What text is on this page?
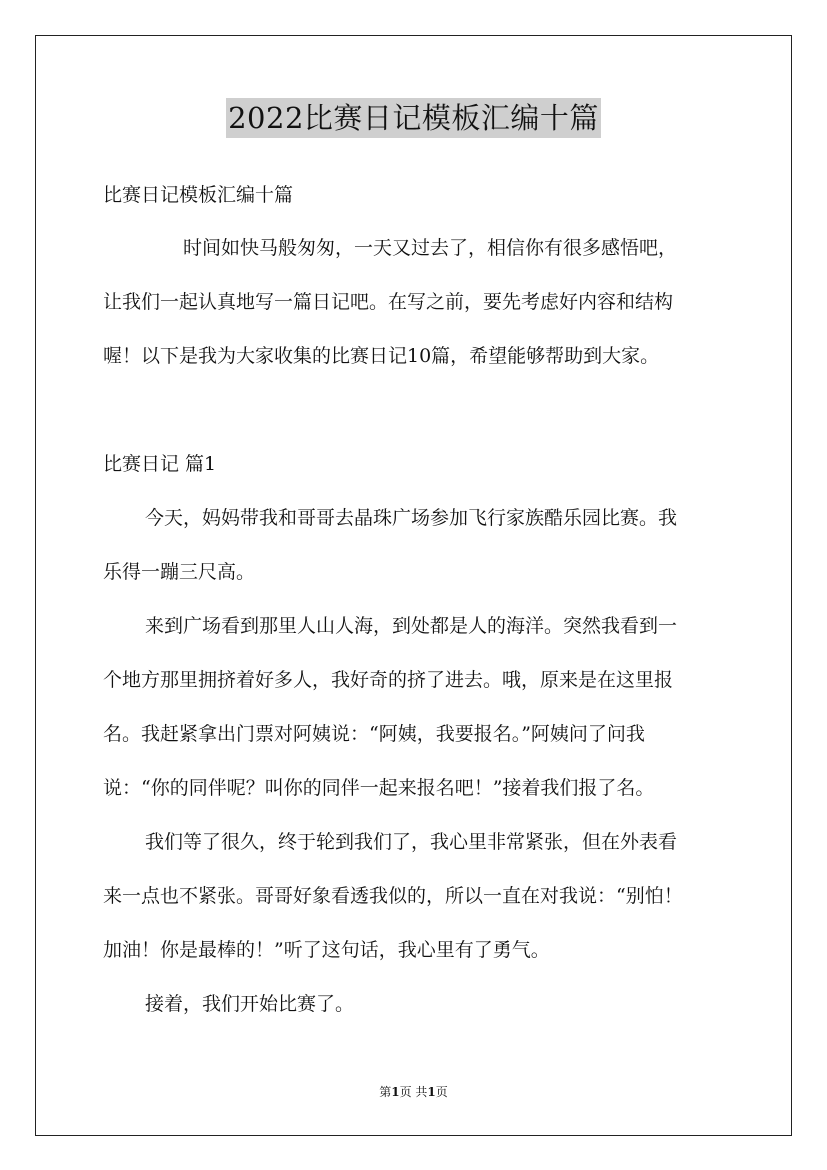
2022比赛日记模板汇编十篇
比赛日记模板汇编十篇
时间如快马般匆匆，一天又过去了，相信你有很多感悟吧，
让我们一起认真地写一篇日记吧。在写之前，要先考虑好内容和结构
喔！以下是我为大家收集的比赛日记10篇，希望能够帮助到大家。
比赛日记 篇1
今天，妈妈带我和哥哥去晶珠广场参加飞行家族酷乐园比赛。我
乐得一蹦三尺高。
来到广场看到那里人山人海，到处都是人的海洋。突然我看到一
个地方那里拥挤着好多人，我好奇的挤了进去。哦，原来是在这里报
名。我赶紧拿出门票对阿姨说：“阿姨，我要报名。”阿姨问了问我
说：“你的同伴呢？叫你的同伴一起来报名吧！”接着我们报了名。
我们等了很久，终于轮到我们了，我心里非常紧张，但在外表看
来一点也不紧张。哥哥好象看透我似的，所以一直在对我说：“别怕！
加油！你是最棒的！”听了这句话，我心里有了勇气。
接着，我们开始比赛了。
第1页 共1页
